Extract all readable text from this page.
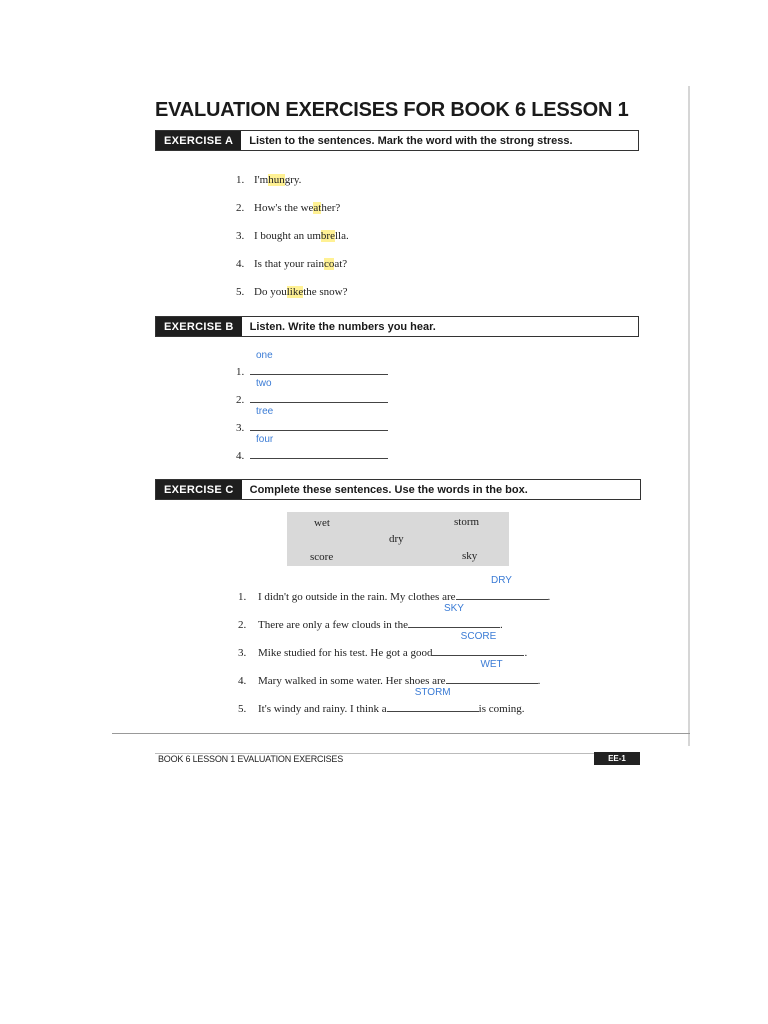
EVALUATION EXERCISES FOR BOOK 6 LESSON 1
EXERCISE A	Listen to the sentences. Mark the word with the strong stress.
1. I'm hun gry.
2. How's the we at her?
3. I bought an um bre lla.
4. Is that your rain co at?
5. Do you like the snow?
EXERCISE B	Listen. Write the numbers you hear.
1.
one
2.
two
3.
tree
4.
four
EXERCISE C	Complete these sentences. Use the words in the box.
wet	storm
dry
score	sky
1.	I didn't go outside in the rain. My clothes are
DRY
.
2.	There are only a few clouds in the
SKY
.
3.	Mike studied for his test. He got a good
SCORE
.
4.	Mary walked in some water. Her shoes are
WET
.
5.	It's windy and rainy. I think a
STORM
is coming.
BOOK 6 LESSON 1 EVALUATION EXERCISES	EE-1
